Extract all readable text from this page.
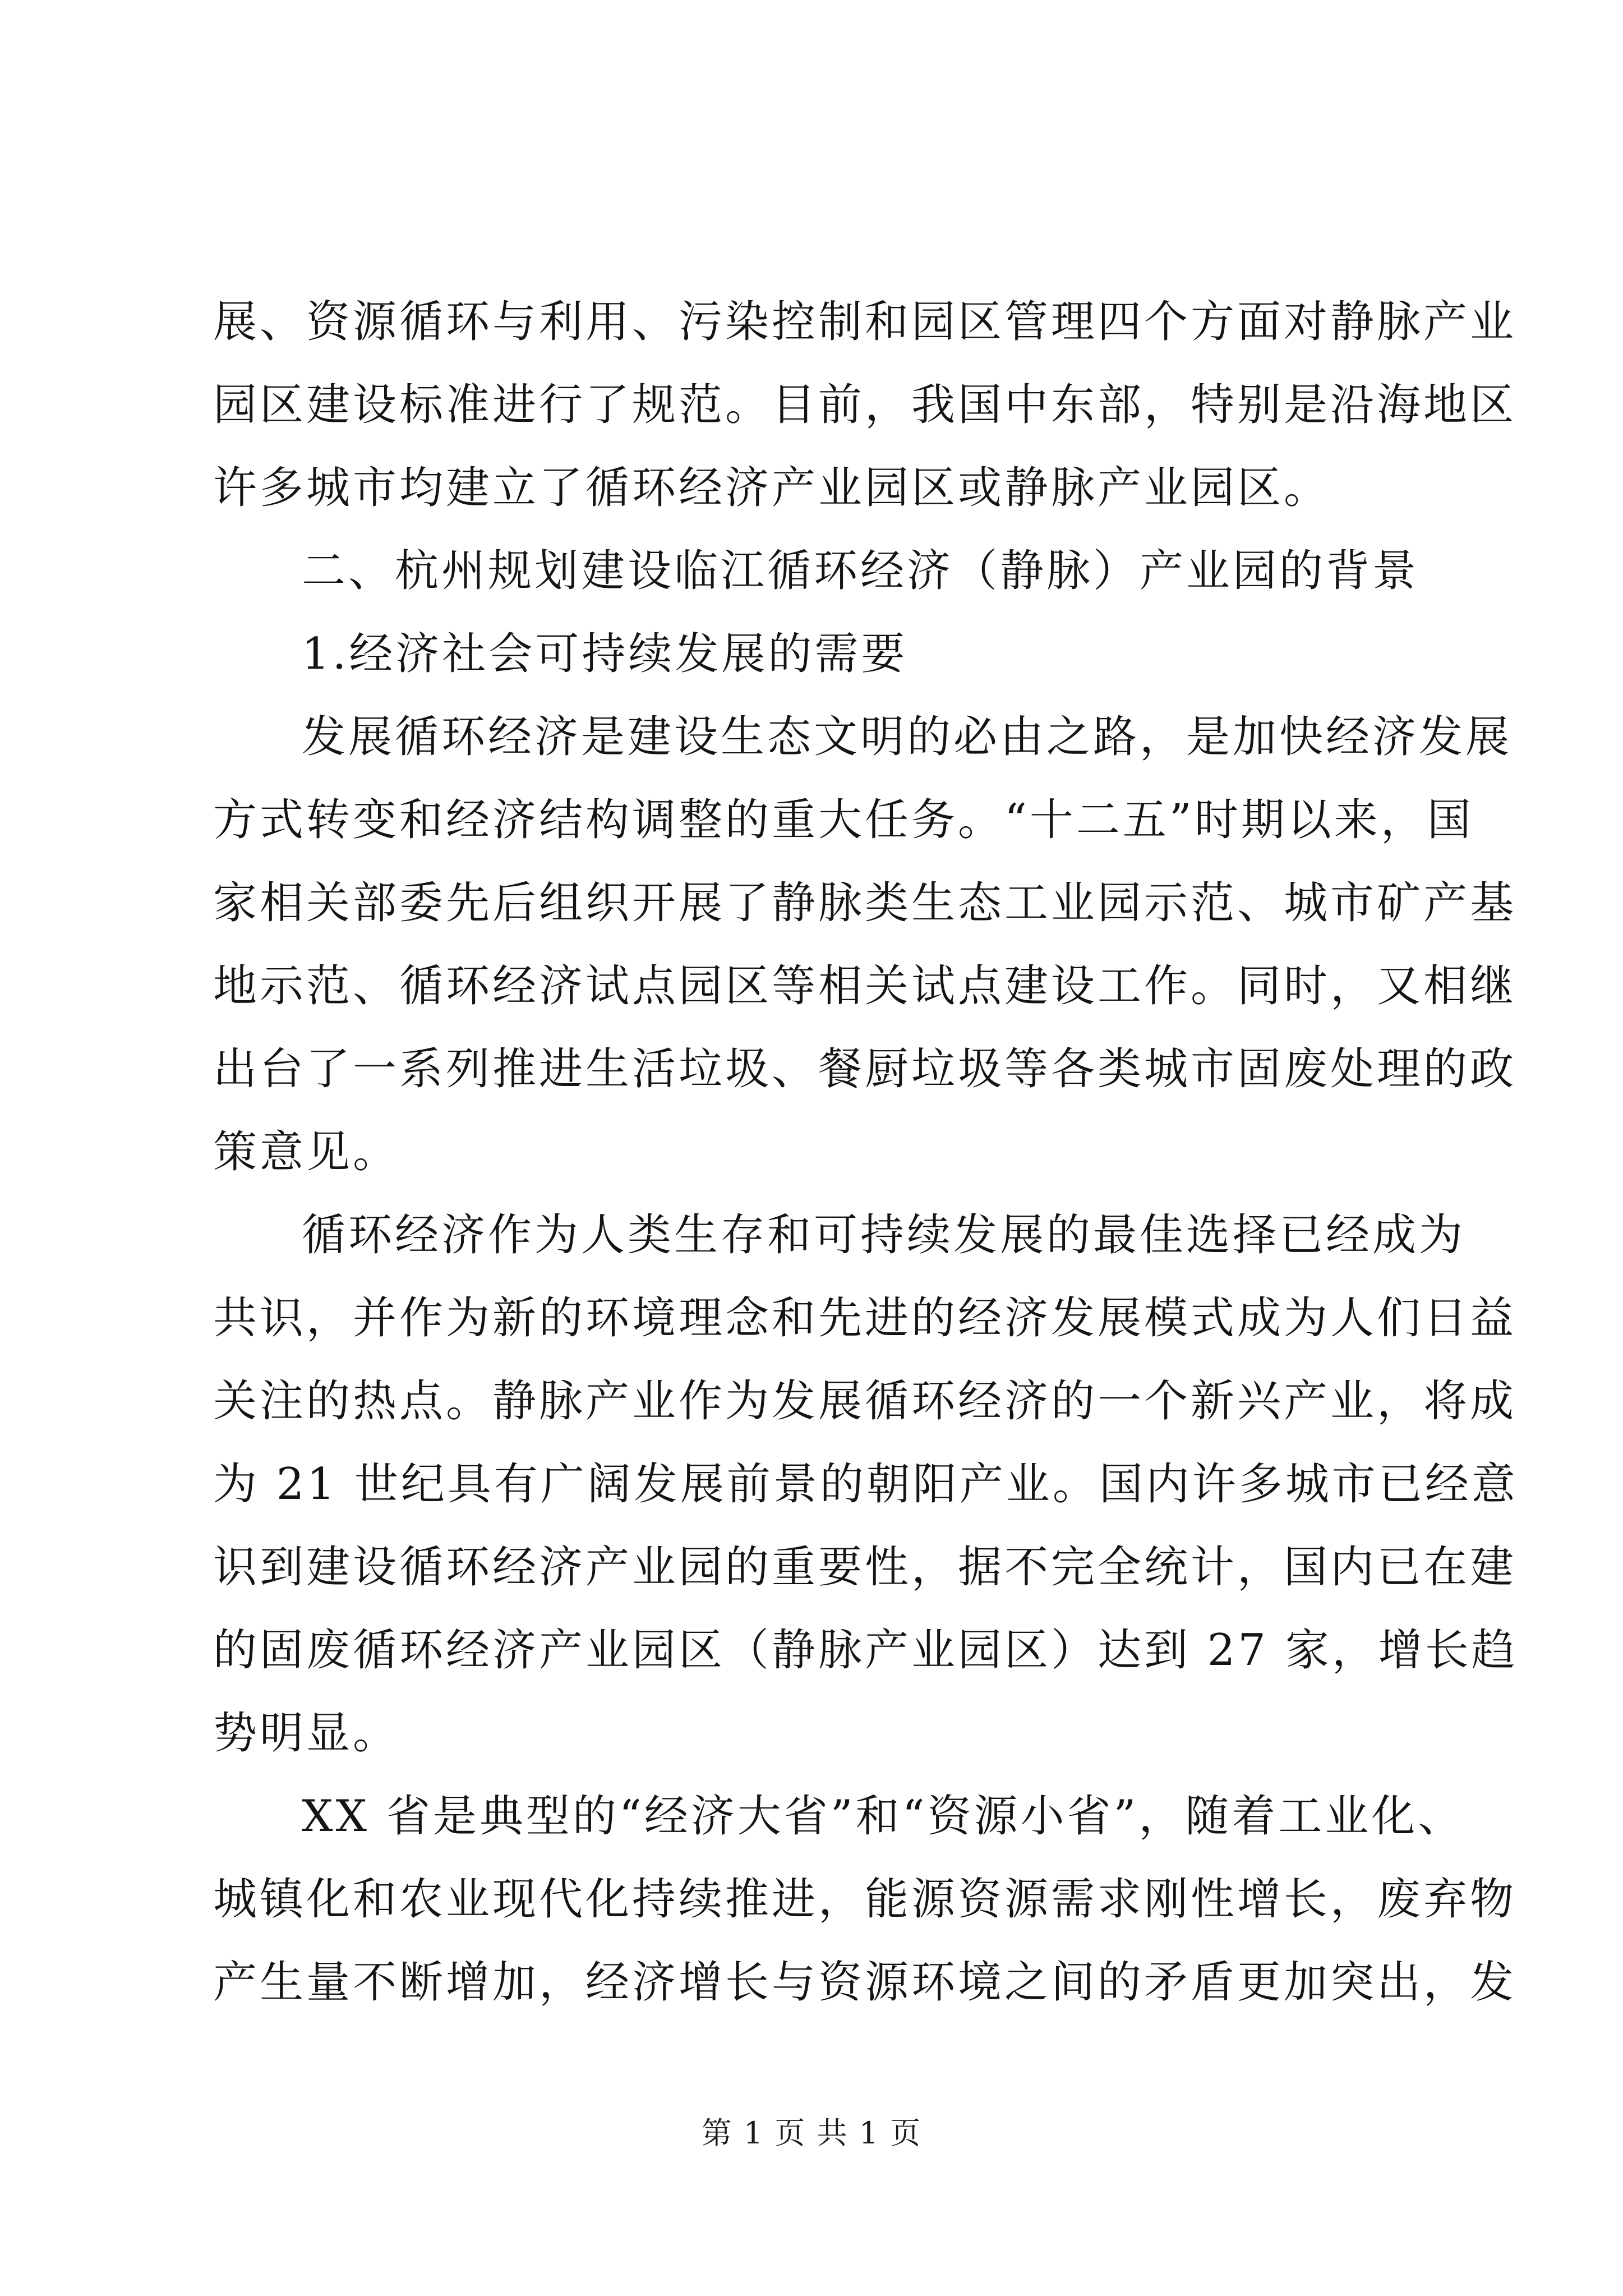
展、资源循环与利用、污染控制和园区管理四个方面对静脉产业
园区建设标准进行了规范。目前，我国中东部，特别是沿海地区
许多城市均建立了循环经济产业园区或静脉产业园区。
二、杭州规划建设临江循环经济（静脉）产业园的背景
1.经济社会可持续发展的需要
发展循环经济是建设生态文明的必由之路，是加快经济发展
方式转变和经济结构调整的重大任务。“十二五”时期以来，国
家相关部委先后组织开展了静脉类生态工业园示范、城市矿产基
地示范、循环经济试点园区等相关试点建设工作。同时，又相继
出台了一系列推进生活垃圾、餐厨垃圾等各类城市固废处理的政
策意见。
循环经济作为人类生存和可持续发展的最佳选择已经成为
共识，并作为新的环境理念和先进的经济发展模式成为人们日益
关注的热点。静脉产业作为发展循环经济的一个新兴产业，将成
为 21 世纪具有广阔发展前景的朝阳产业。国内许多城市已经意
识到建设循环经济产业园的重要性，据不完全统计，国内已在建
的固废循环经济产业园区（静脉产业园区）达到 27 家，增长趋
势明显。
XX 省是典型的“经济大省”和“资源小省”，随着工业化、
城镇化和农业现代化持续推进，能源资源需求刚性增长，废弃物
产生量不断增加，经济增长与资源环境之间的矛盾更加突出，发
第 1 页 共 1 页
